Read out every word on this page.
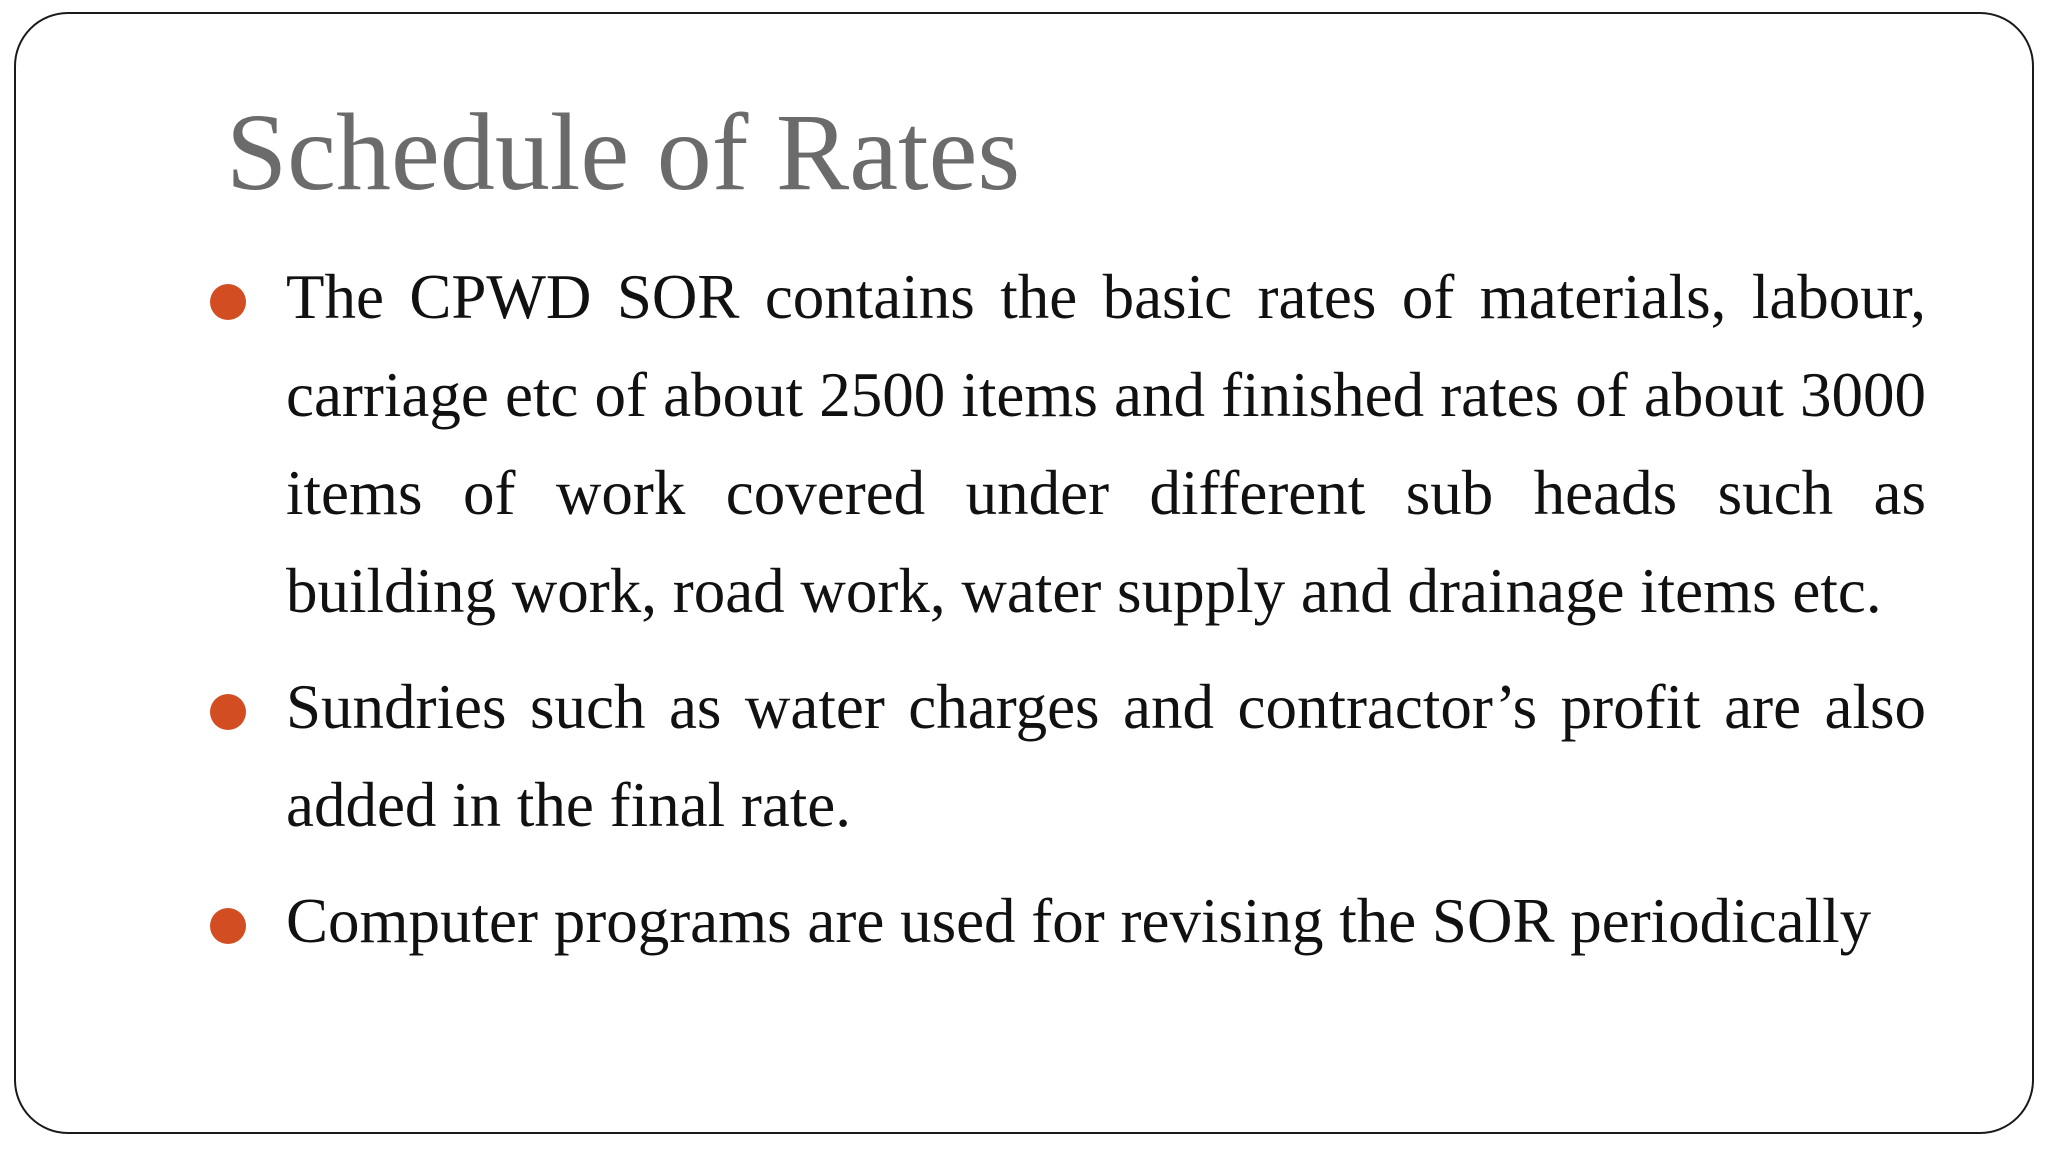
Schedule of Rates
The CPWD SOR contains the basic rates of materials, labour, carriage etc of about 2500 items and finished rates of about 3000 items of work covered under different sub heads such as building work, road work, water supply and drainage items etc.
Sundries such as water charges and contractor’s profit are also added in the final rate.
Computer programs are used for revising the SOR periodically
